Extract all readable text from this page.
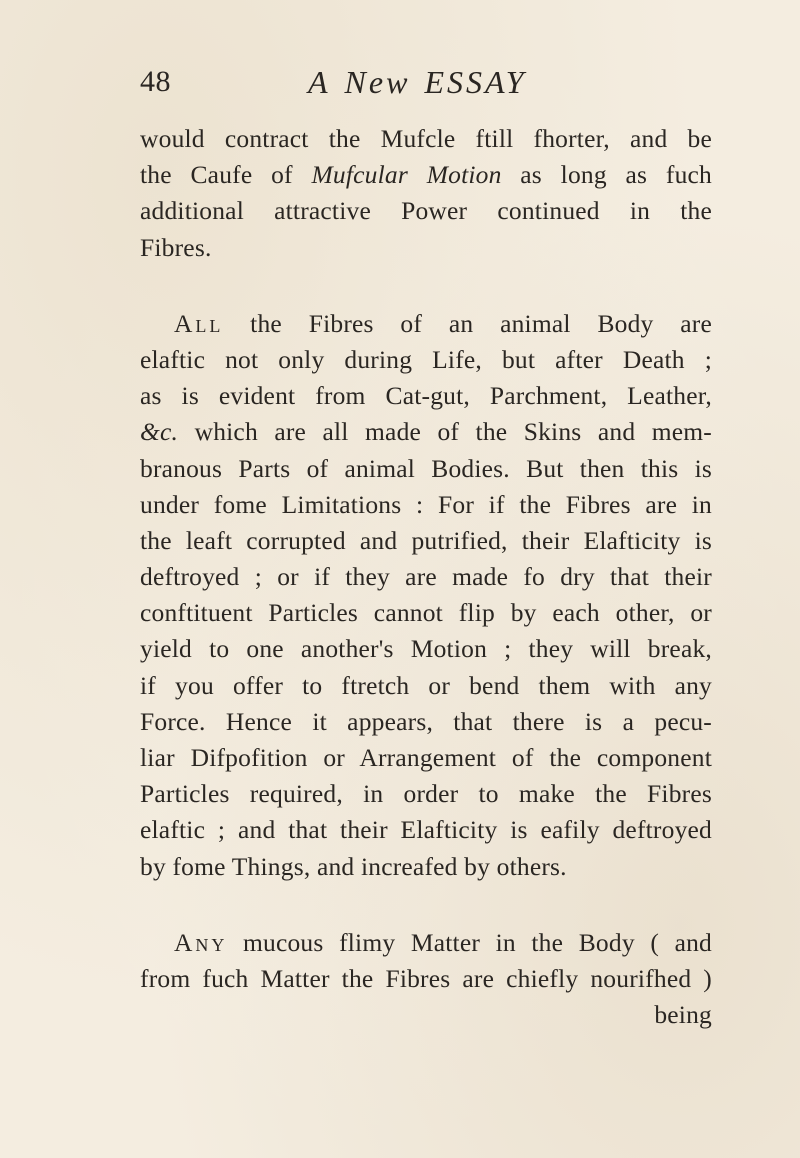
48	A New ESSAY
would contract the Mufcle ftill fhorter, and be
the Caufe of Mufcular Motion as long as fuch
additional attractive Power continued in the
Fibres.
All the Fibres of an animal Body are
elaftic not only during Life, but after Death ;
as is evident from Cat-gut, Parchment, Leather,
&c. which are all made of the Skins and mem-
branous Parts of animal Bodies. But then this is
under fome Limitations : For if the Fibres are in
the leaft corrupted and putrified, their Elafticity is
deftroyed ; or if they are made fo dry that their
conftituent Particles cannot flip by each other, or
yield to one another's Motion ; they will break,
if you offer to ftretch or bend them with any
Force. Hence it appears, that there is a pecu-
liar Difpofition or Arrangement of the component
Particles required, in order to make the Fibres
elaftic ; and that their Elafticity is eafily deftroyed
by fome Things, and increafed by others.
Any mucous flimy Matter in the Body ( and
from fuch Matter the Fibres are chiefly nourifhed )
being
